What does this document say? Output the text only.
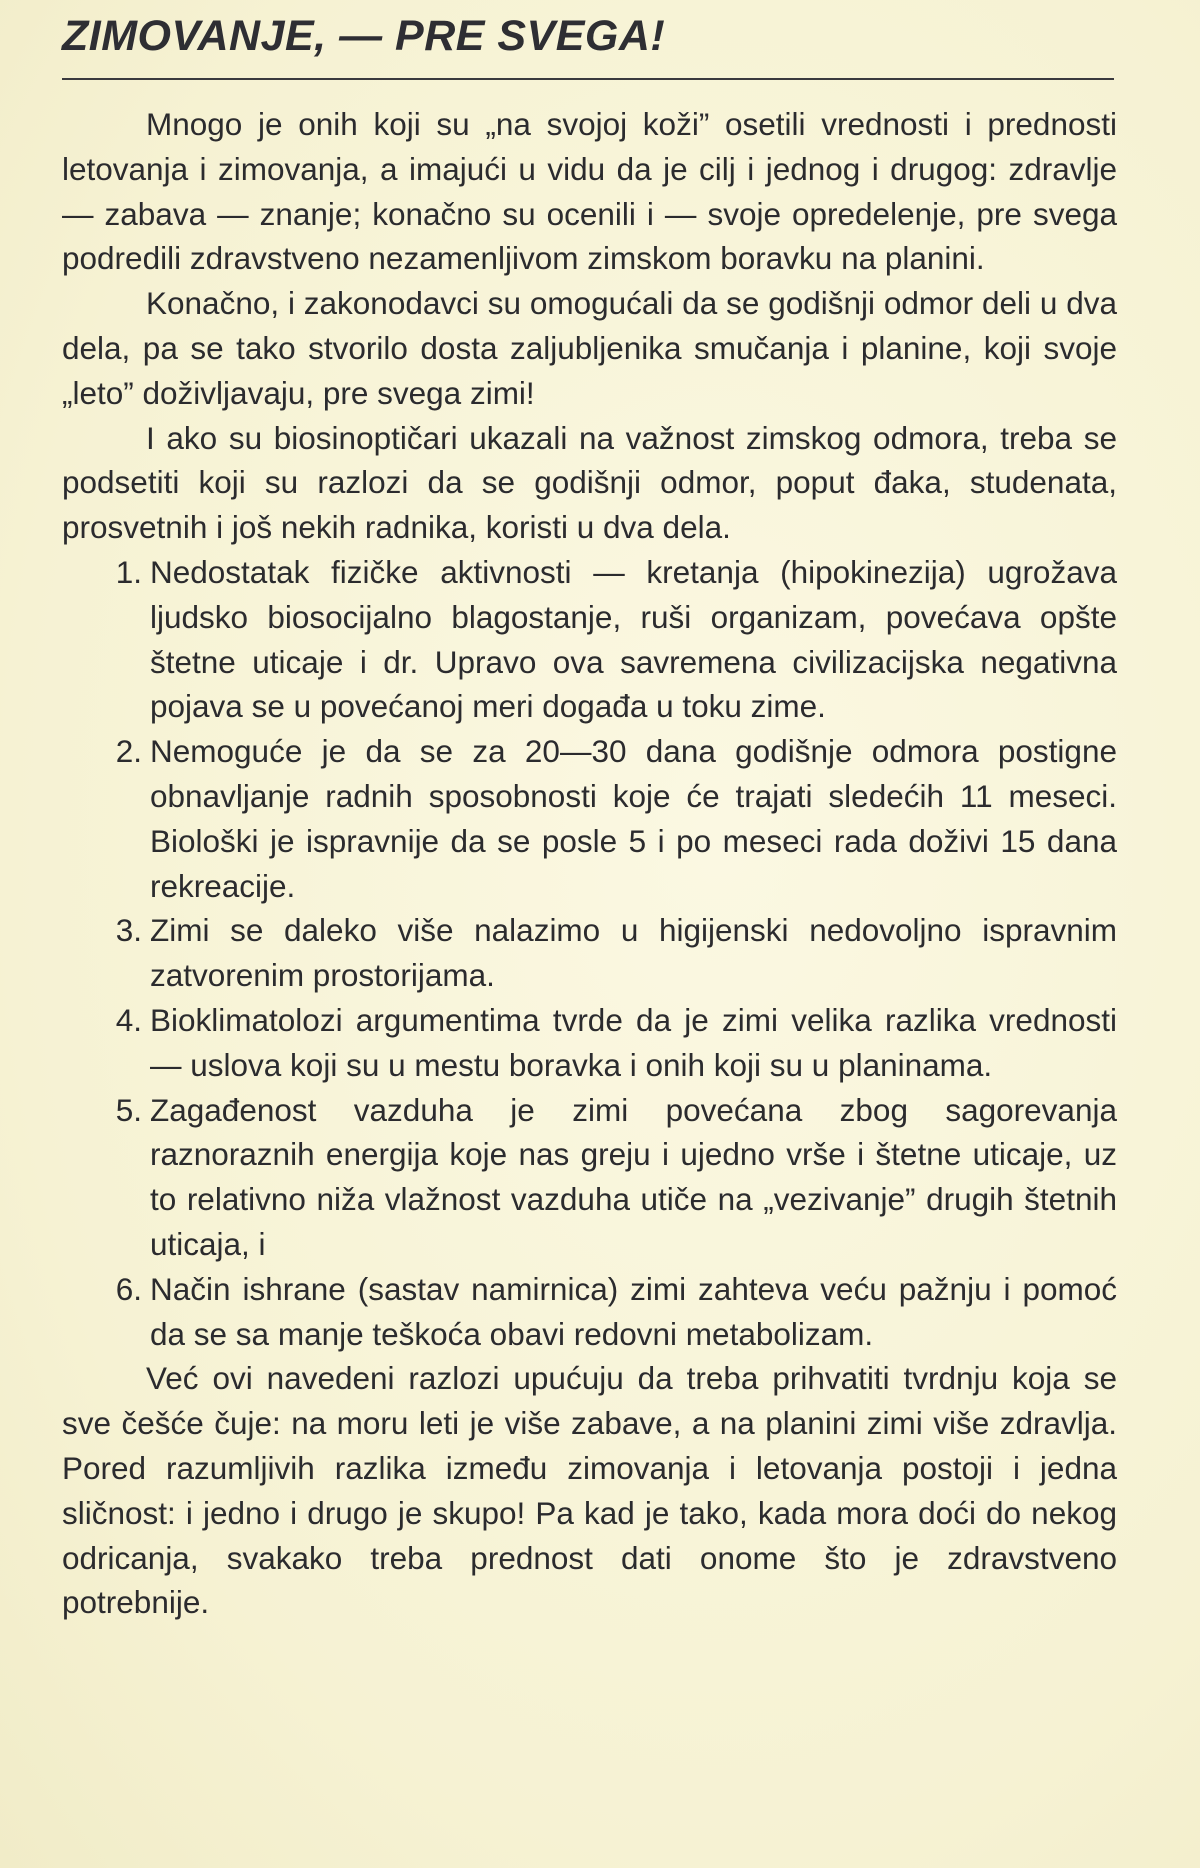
ZIMOVANJE, — PRE SVEGA!

Mnogo je onih koji su „na svojoj koži” osetili vrednosti i prednosti letovanja i zimovanja, a imajući u vidu da je cilj i jednog i drugog: zdravlje — zabava — znanje; konačno su ocenili i — svoje opredelenje, pre svega podredili zdravstveno nezamenljivom zimskom boravku na planini.

Konačno, i zakonodavci su omogućali da se godišnji odmor deli u dva dela, pa se tako stvorilo dosta zaljubljenika smučanja i planine, koji svoje „leto” doživljavaju, pre svega zimi!

I ako su biosinoptičari ukazali na važnost zimskog odmora, treba se podsetiti koji su razlozi da se godišnji odmor, poput đaka, studenata, prosvetnih i još nekih radnika, koristi u dva dela.

1. Nedostatak fizičke aktivnosti — kretanja (hipokinezija) ugrožava ljudsko biosocijalno blagostanje, ruši organizam, povećava opšte štetne uticaje i dr. Upravo ova savremena civilizacijska negativna pojava se u povećanoj meri događa u toku zime.
2. Nemoguće je da se za 20—30 dana godišnje odmora postigne obnavljanje radnih sposobnosti koje će trajati sledećih 11 meseci. Biološki je ispravnije da se posle 5 i po meseci rada doživi 15 dana rekreacije.
3. Zimi se daleko više nalazimo u higijenski nedovoljno ispravnim zatvorenim prostorijama.
4. Bioklimatolozi argumentima tvrde da je zimi velika razlika vrednosti — uslova koji su u mestu boravka i onih koji su u planinama.
5. Zagađenost vazduha je zimi povećana zbog sagorevanja raznoraznih energija koje nas greju i ujedno vrše i štetne uticaje, uz to relativno niža vlažnost vazduha utiče na „vezivanje” drugih štetnih uticaja, i
6. Način ishrane (sastav namirnica) zimi zahteva veću pažnju i pomoć da se sa manje teškoća obavi redovni metabolizam.

Već ovi navedeni razlozi upućuju da treba prihvatiti tvrdnju koja se sve češće čuje: na moru leti je više zabave, a na planini zimi više zdravlja. Pored razumljivih razlika između zimovanja i letovanja postoji i jedna sličnost: i jedno i drugo je skupo! Pa kad je tako, kada mora doći do nekog odricanja, svakako treba prednost dati onome što je zdravstveno potrebnije.
